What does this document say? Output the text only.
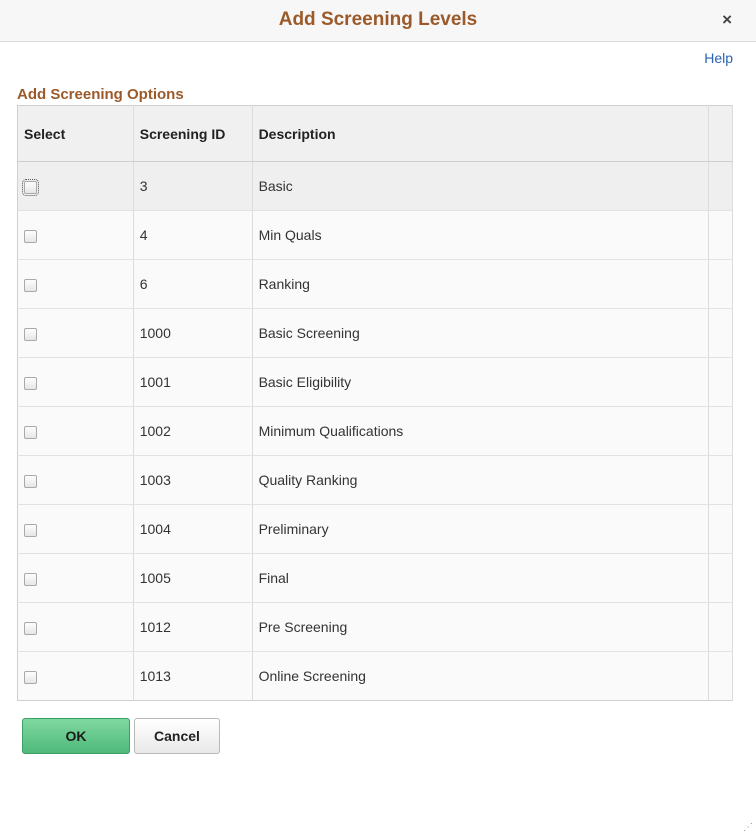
Add Screening Levels	×
Help
Add Screening Options
Select	Screening ID	Description	
	3	Basic	
	4	Min Quals	
	6	Ranking	
	1000	Basic Screening	
	1001	Basic Eligibility	
	1002	Minimum Qualifications	
	1003	Quality Ranking	
	1004	Preliminary	
	1005	Final	
	1012	Pre Screening	
	1013	Online Screening	
OK	Cancel
⋰
